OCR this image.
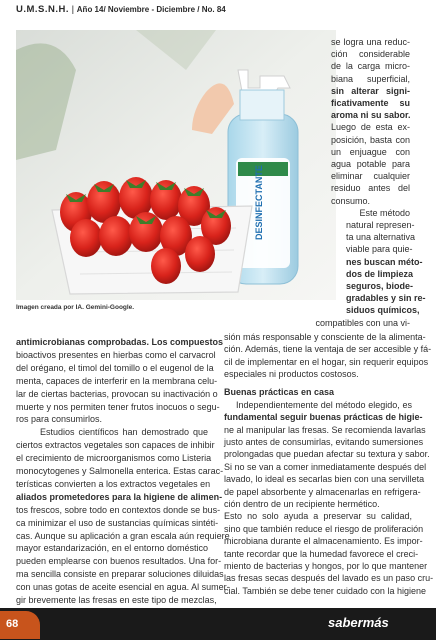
U.M.S.N.H. | Año 14/ Noviembre - Diciembre / No. 84
DESINFECTANTE
Imagen creada por IA. Gemini-Google.
se logra una reduc-
ción considerable
de la carga micro-
biana superficial,
sin alterar signi-
ficativamente su
aroma ni su sabor.
Luego de esta ex-
posición, basta con
un enjuague con
agua potable para
eliminar cualquier
residuo antes del
consumo.
Este método
natural represen-
ta una alternativa
viable para quie-
nes buscan méto-
dos de limpieza
seguros, biode-
gradables y sin re-
siduos químicos,
compatibles con una vi-
sión más responsable y consciente de la alimenta-
ción. Además, tiene la ventaja de ser accesible y fá-
cil de implementar en el hogar, sin requerir equipos
especiales ni productos costosos.
Buenas prácticas en casa
Independientemente del método elegido, es
fundamental seguir buenas prácticas de higie-
ne al manipular las fresas. Se recomienda lavarlas
justo antes de consumirlas, evitando sumersiones
prolongadas que puedan afectar su textura y sabor.
Si no se van a comer inmediatamente después del
lavado, lo ideal es secarlas bien con una servilleta
de papel absorbente y almacenarlas en refrigera-
ción dentro de un recipiente hermético.
Esto no solo ayuda a preservar su calidad,
sino que también reduce el riesgo de proliferación
microbiana durante el almacenamiento. Es impor-
tante recordar que la humedad favorece el creci-
miento de bacterias y hongos, por lo que mantener
las fresas secas después del lavado es un paso cru-
cial. También se debe tener cuidado con la higiene
antimicrobianas comprobadas. Los compuestos
bioactivos presentes en hierbas como el carvacrol
del orégano, el timol del tomillo o el eugenol de la
menta, capaces de interferir en la membrana celu-
lar de ciertas bacterias, provocan su inactivación o
muerte y nos permiten tener frutos inocuos o segu-
ros para consumirlos.
Estudios científicos han demostrado que
ciertos extractos vegetales son capaces de inhibir
el crecimiento de microorganismos como Listeria
monocytogenes y Salmonella enterica. Estas carac-
terísticas convierten a los extractos vegetales en
aliados prometedores para la higiene de alimen-
tos frescos, sobre todo en contextos donde se bus-
ca minimizar el uso de sustancias químicas sintéti-
cas. Aunque su aplicación a gran escala aún requiere
mayor estandarización, en el entorno doméstico
pueden emplearse con buenos resultados. Una for-
ma sencilla consiste en preparar soluciones diluidas
con unas gotas de aceite esencial en agua. Al sumer-
gir brevemente las fresas en este tipo de mezclas,
68	sabermás
